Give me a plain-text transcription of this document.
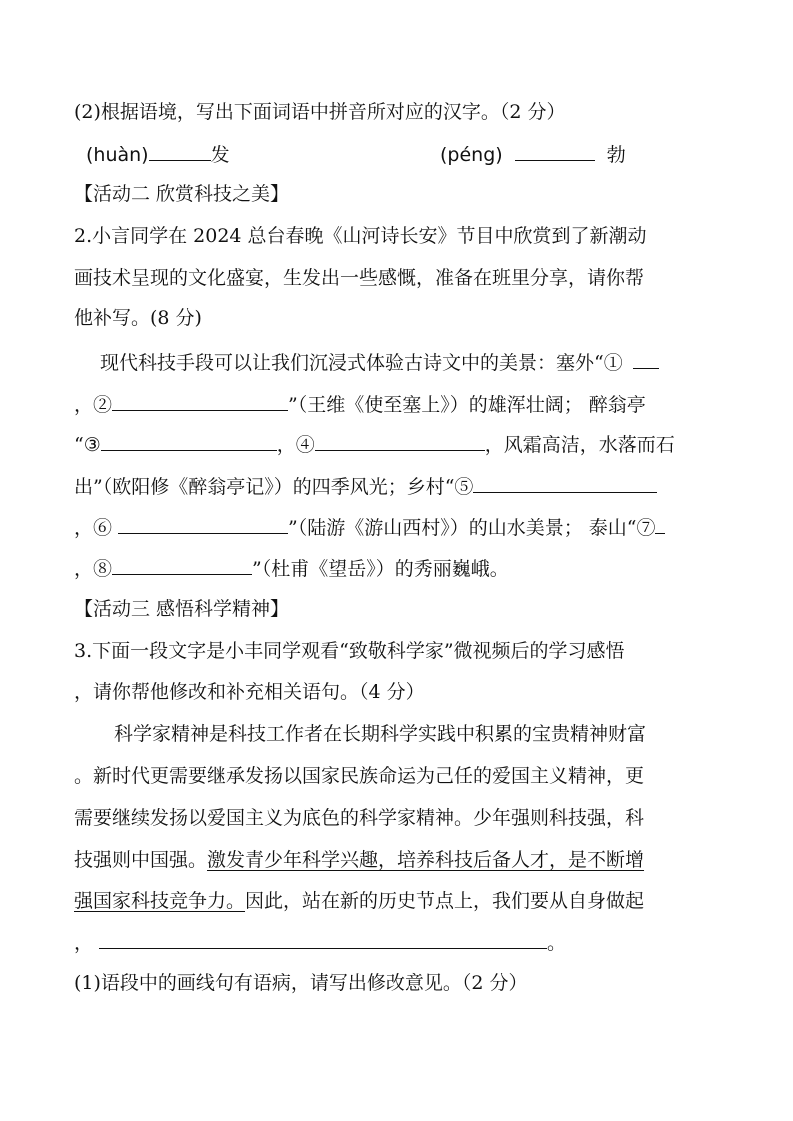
(2)根据语境，写出下面词语中拼音所对应的汉字。（2 分）
(huàn)	发	(péng)	勃
【活动二 欣赏科技之美】
2.小言同学在 2024 总台春晚《山河诗长安》节目中欣赏到了新潮动
画技术呈现的文化盛宴，生发出一些感慨，准备在班里分享，请你帮
他补写。(8 分)
现代科技手段可以让我们沉浸式体验古诗文中的美景：塞外“①
，②	”（王维《使至塞上》）的雄浑壮阔； 醉翁亭
“③	，④	，风霜高洁，水落而石
出”（欧阳修《醉翁亭记》）的四季风光；乡村“⑤
，⑥	”（陆游《游山西村》）的山水美景； 泰山“⑦
，⑧	”（杜甫《望岳》）的秀丽巍峨。
【活动三 感悟科学精神】
3.下面一段文字是小丰同学观看“致敬科学家”微视频后的学习感悟
，请你帮他修改和补充相关语句。（4 分）
科学家精神是科技工作者在长期科学实践中积累的宝贵精神财富
。新时代更需要继承发扬以国家民族命运为己任的爱国主义精神，更
需要继续发扬以爱国主义为底色的科学家精神。少年强则科技强，科
技强则中国强。激发青少年科学兴趣，培养科技后备人才，是不断增
强国家科技竞争力。因此，站在新的历史节点上，我们要从自身做起
，	。
(1)语段中的画线句有语病，请写出修改意见。（2 分）
